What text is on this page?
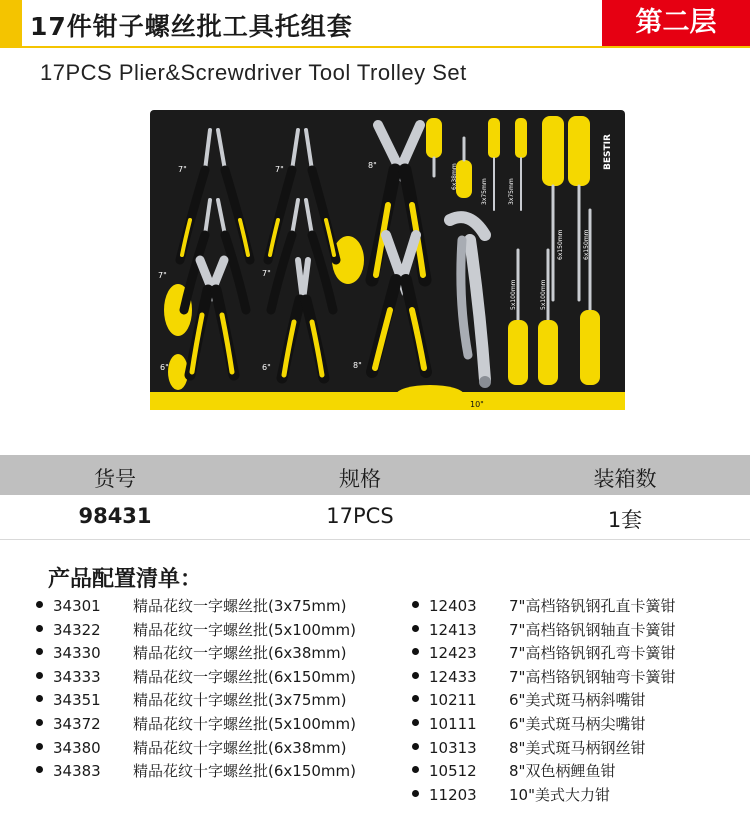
17件钳子螺丝批工具托组套	第二层
17PCS Plier&Screwdriver Tool Trolley Set
7"	7"
7"	7"
8"
6"	6"	8"
10"
6x38mm
3x75mm	3x75mm
6x150mm	6x150mm
5x100mm	5x100mm
BESTIR
货号	规格	装箱数
98431	17PCS	1套
产品配置清单：
34301 精品花纹一字螺丝批(3x75mm)
34322 精品花纹一字螺丝批(5x100mm)
34330 精品花纹一字螺丝批(6x38mm)
34333 精品花纹一字螺丝批(6x150mm)
34351 精品花纹十字螺丝批(3x75mm)
34372 精品花纹十字螺丝批(5x100mm)
34380 精品花纹十字螺丝批(6x38mm)
34383 精品花纹十字螺丝批(6x150mm)
12403 7"高档铬钒钢孔直卡簧钳
12413 7"高档铬钒钢轴直卡簧钳
12423 7"高档铬钒钢孔弯卡簧钳
12433 7"高档铬钒钢轴弯卡簧钳
10211 6"美式斑马柄斜嘴钳
10111 6"美式斑马柄尖嘴钳
10313 8"美式斑马柄钢丝钳
10512 8"双色柄鲤鱼钳
11203 10"美式大力钳
